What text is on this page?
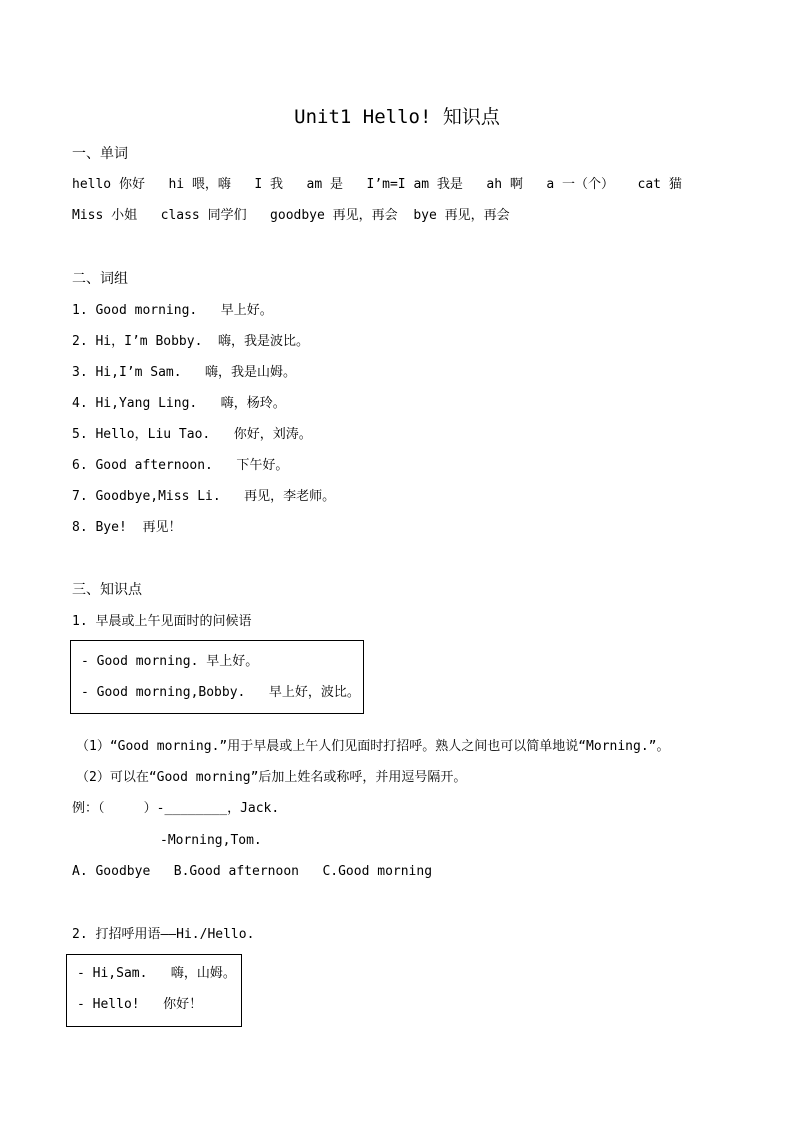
Unit1 Hello! 知识点
一、单词
hello 你好   hi 喂，嗨   I 我   am 是   I’m=I am 我是   ah 啊   a 一（个）   cat 猫
Miss 小姐   class 同学们   goodbye 再见，再会  bye 再见，再会
二、词组
1. Good morning.   早上好。
2. Hi，I’m Bobby.  嗨，我是波比。
3. Hi,I’m Sam.   嗨，我是山姆。
4. Hi,Yang Ling.   嗨，杨玲。
5. Hello，Liu Tao.   你好，刘涛。
6. Good afternoon.   下午好。
7. Goodbye,Miss Li.   再见，李老师。
8. Bye!  再见！
三、知识点
1. 早晨或上午见面时的问候语
- Good morning. 早上好。
- Good morning,Bobby.   早上好，波比。
（1）“Good morning.”用于早晨或上午人们见面时打招呼。熟人之间也可以简单地说“Morning.”。
（2）可以在“Good morning”后加上姓名或称呼，并用逗号隔开。
例：（     ）-________，Jack.
-Morning,Tom.
A. Goodbye   B.Good afternoon   C.Good morning
2. 打招呼用语——Hi./Hello.
- Hi,Sam.   嗨，山姆。
- Hello!   你好！
